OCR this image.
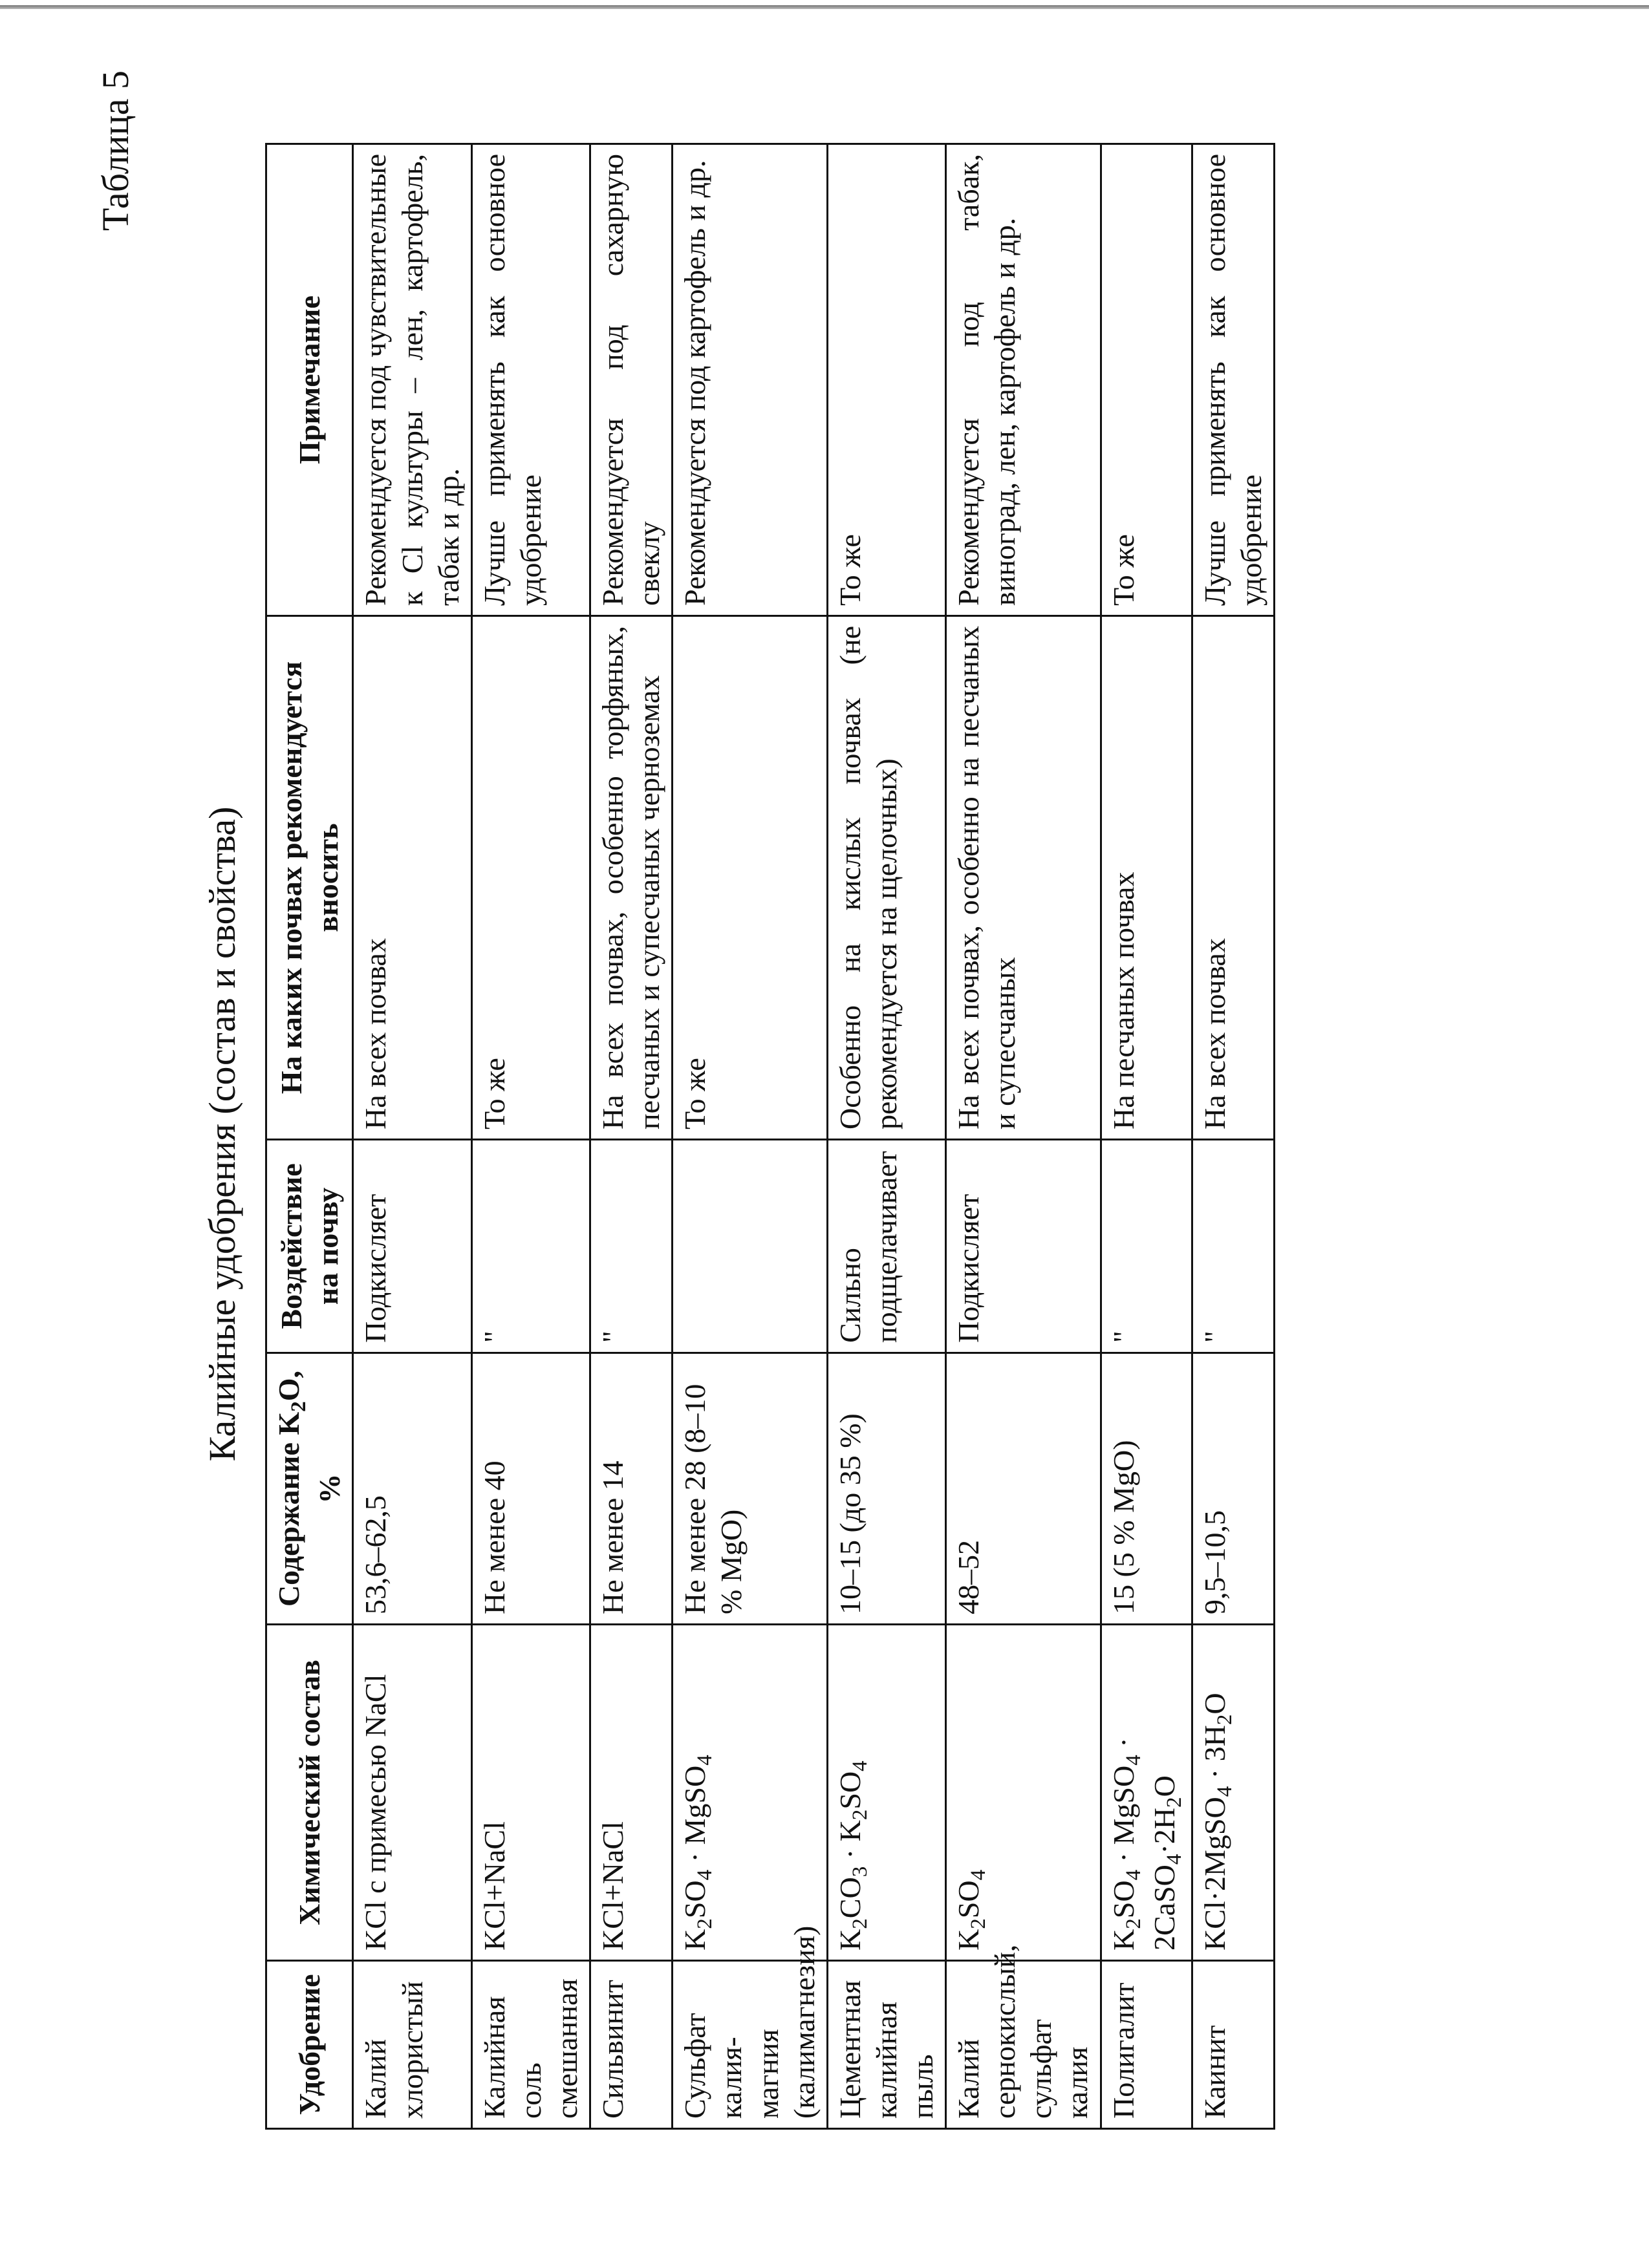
Таблица 5
Калийные удобрения (состав и свойства)
Удобрение	Химический состав	Содержание $K_2O$, %	Воздействие на почву	На каких почвах рекомендуется вносить	Примечание
Калий хлористый	KCl с примесью NaCl	53,6–62,5	Подкисляет	На всех почвах	Рекомендуется под чувствительные к Cl культуры – лен, картофель, табак и др.
Калийная соль смешанная	KCl+NaCl	Не менее 40	"	То же	Лучше применять как основное удобрение
Сильвинит	KCl+NaCl	Не менее 14	"	На всех почвах, особенно торфяных, песчаных и супесчаных черноземах	Рекомендуется под сахарную свеклу
Сульфат калия-магния (калимагнезия)	$K_2SO_4$ · MgSO$_4$	Не менее 28 (8–10 % MgO)		То же	Рекомендуется под картофель и др.
Цементная калийная пыль	$K_2CO_3 \cdot K_2SO_4$	10–15 (до 35 %)	Сильно подщелачивает	Особенно на кислых почвах (не рекомендуется на щелочных)	То же
Калий сернокислый, сульфат калия	$K_2SO_4$	48–52	Подкисляет	На всех почвах, особенно на песчаных и супесчаных	Рекомендуется под табак, виноград, лен, картофель и др.
Полигалит	$K_2SO_4$ · MgSO$_4$ · $2CaSO_4\cdot 2H_2O$	15 (5 % MgO)	"	На песчаных почвах	То же
Каинит	KCl·2MgSO$_4$ · $3H_2O$	9,5–10,5	"	На всех почвах	Лучше применять как основное удобрение
